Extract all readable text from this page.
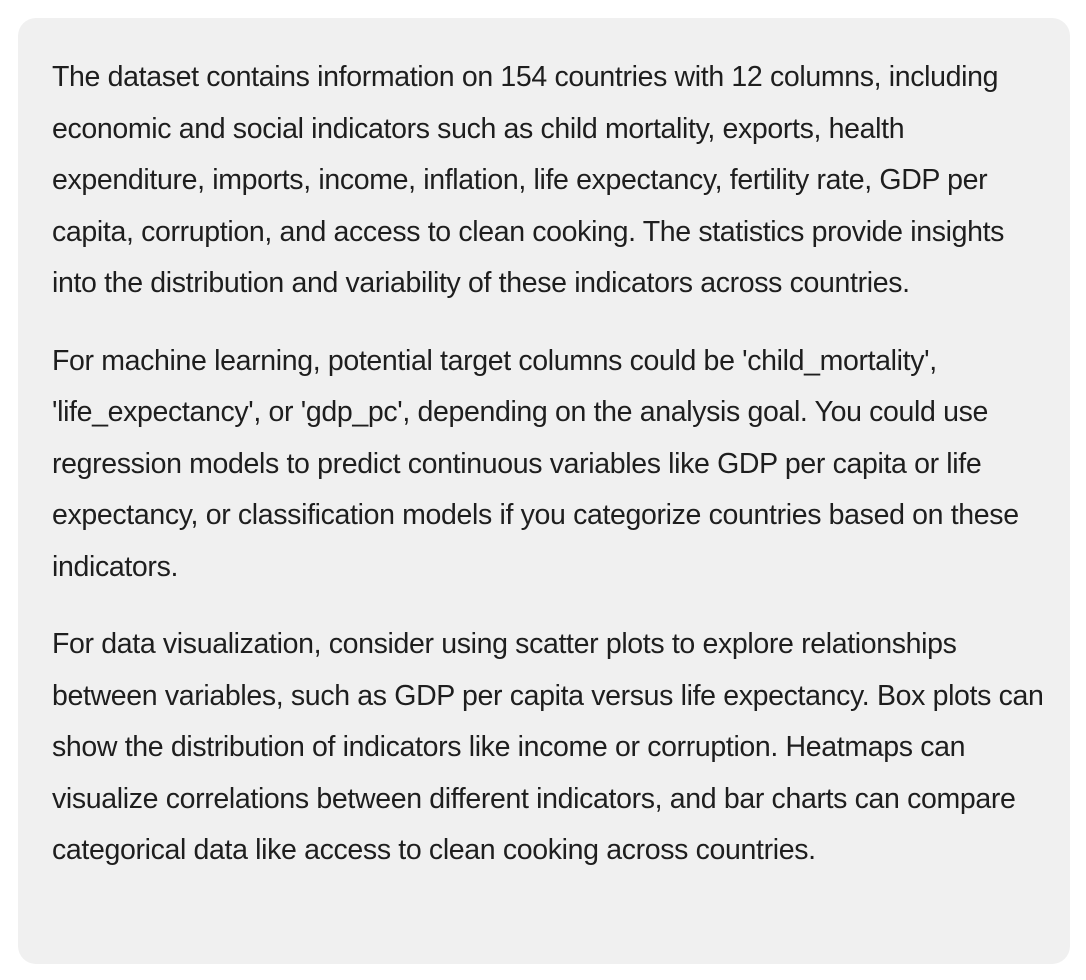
The dataset contains information on 154 countries with 12 columns, including economic and social indicators such as child mortality, exports, health expenditure, imports, income, inflation, life expectancy, fertility rate, GDP per capita, corruption, and access to clean cooking. The statistics provide insights into the distribution and variability of these indicators across countries.

For machine learning, potential target columns could be 'child_mortality', 'life_expectancy', or 'gdp_pc', depending on the analysis goal. You could use regression models to predict continuous variables like GDP per capita or life expectancy, or classification models if you categorize countries based on these indicators.

For data visualization, consider using scatter plots to explore relationships between variables, such as GDP per capita versus life expectancy. Box plots can show the distribution of indicators like income or corruption. Heatmaps can visualize correlations between different indicators, and bar charts can compare categorical data like access to clean cooking across countries.
